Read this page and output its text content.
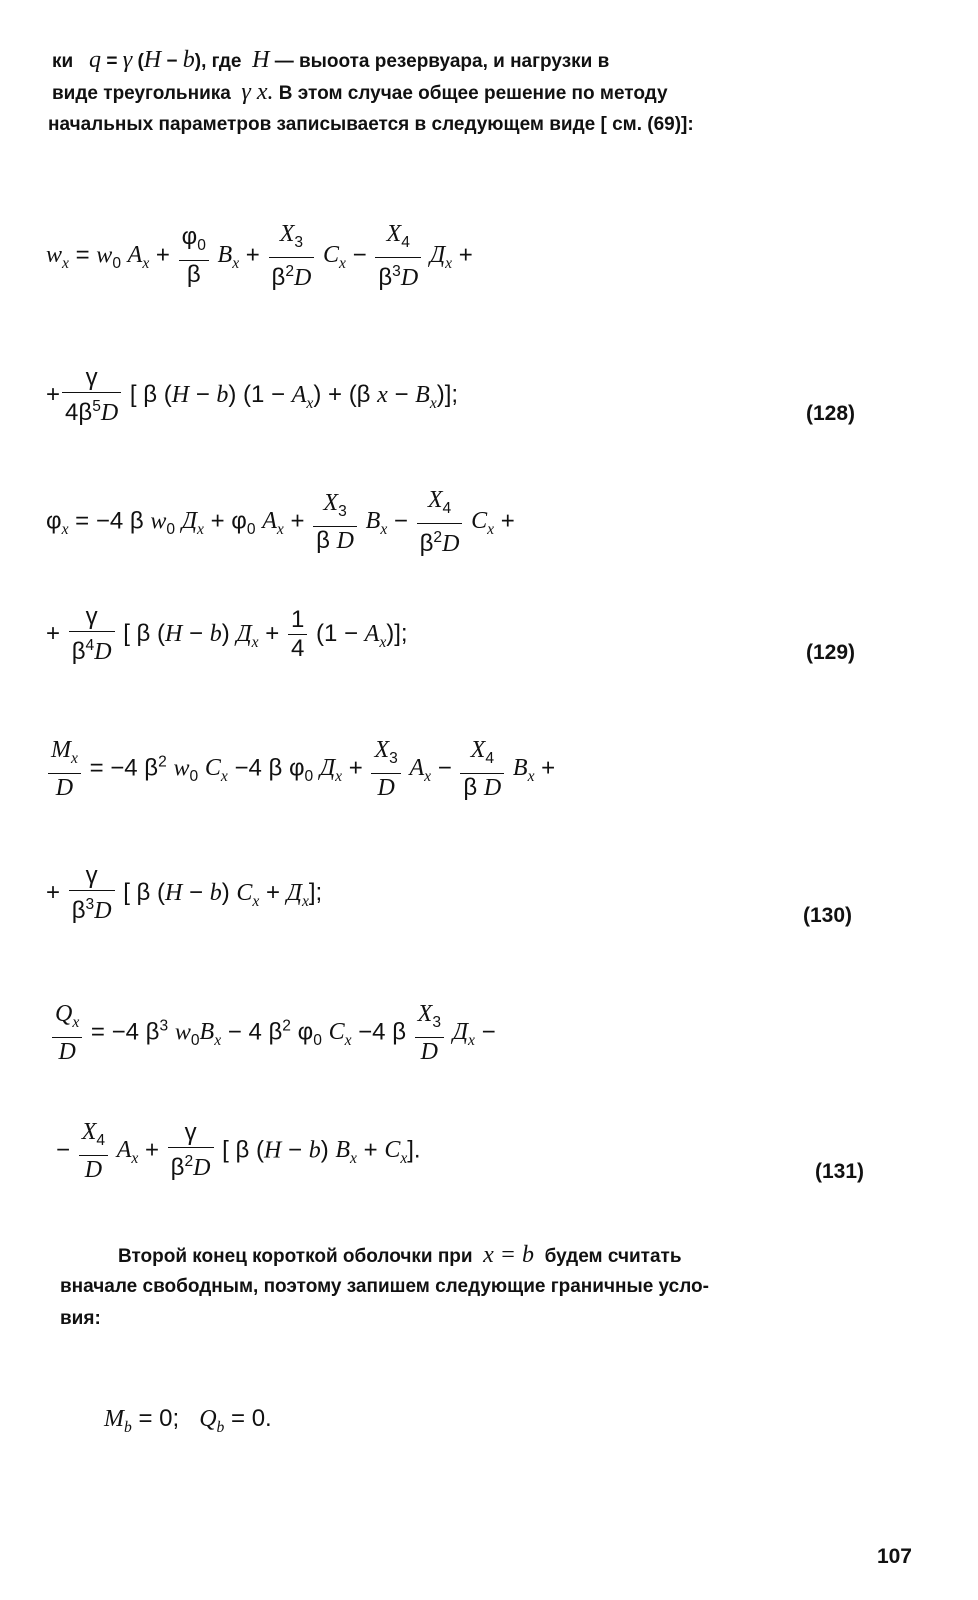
ки q = γ (H − b), где H — выоота резервуара, и нагрузки в
виде треугольника γ x. В этом случае общее решение по методу
начальных параметров записывается в следующем виде [ см. (69)]:
$w_x = w_0$ $A_x + \frac{\varphi_0}{\beta} B_x + \frac{X_3}{\beta^2D} C_x - \frac{X_4}{\beta^3D} Д_x$ +
+ $\frac{\gamma}{4\beta^5D}$ [ β (H − b) $(1 - A_x) + (\beta$ $x - B_x$)];
(128)
$\varphi_x = -4$ β $w_0$ $Д_x + \varphi_0$ $A_x + \frac{X_3}{\text{β D}} B_x - \frac{X_4}{\beta^2D} C_x$ +
+ $\frac{\gamma}{\beta^4D}$ [ β (H − b) $Д_x + \frac{1}{4} (1 - A_x)$];
(129)
$\frac{M_x}{D} = -4$ $\beta^2$ $w_0$ $C_x -4$ β $\varphi_0$ $Д_x + \frac{X_3}{D} A_x - \frac{X_4}{\text{β D}} B_x$ +
+ $\frac{\gamma}{\beta^3D}$ [ β (H − b) $C_x + Д_x$];
(130)
$\frac{Q_x}{D} = -4$ $\beta^3$ $w_0B_x - 4$ $\beta^2$ $\varphi_0$ $C_x -4$ β $\frac{X_3}{D} Д_x$ −
− $\frac{X_4}{D} A_x + \frac{\gamma}{\beta^2D}$ [ β (H − b) $B_x + C_x$].
(131)
Второй конец короткой оболочки при x = b будем считать
вначале свободным, поэтому запишем следующие граничные усло-
вия:
$M_b = 0$;   $Q_b = 0$.
107
